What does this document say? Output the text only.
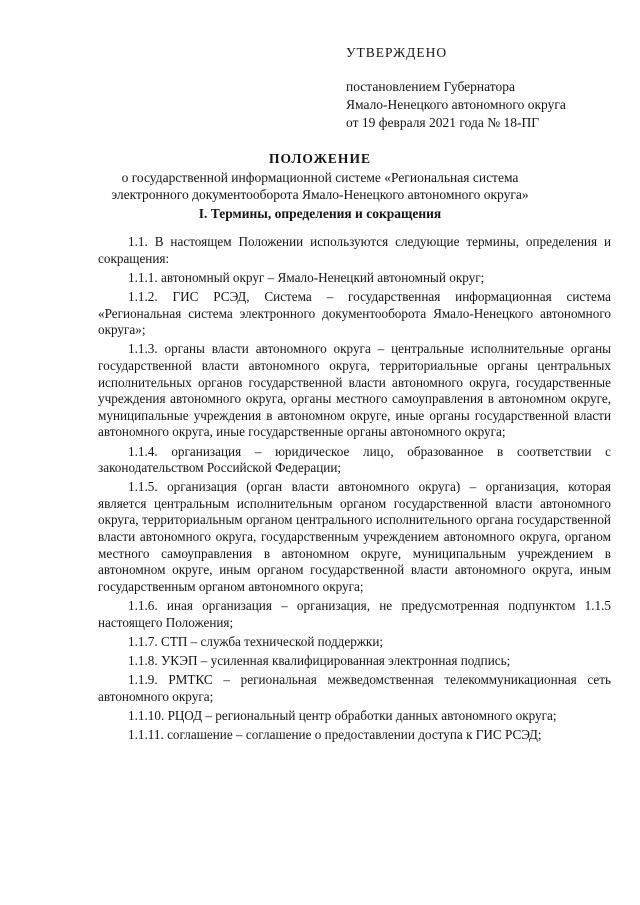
УТВЕРЖДЕНО
постановлением Губернатора
Ямало-Ненецкого автономного округа
от 19 февраля 2021 года № 18-ПГ
ПОЛОЖЕНИЕ
о государственной информационной системе «Региональная система
электронного документооборота Ямало-Ненецкого автономного округа»
I. Термины, определения и сокращения

1.1. В настоящем Положении используются следующие термины, определения и сокращения:

1.1.1. автономный округ – Ямало-Ненецкий автономный округ;

1.1.2. ГИС РСЭД, Система – государственная информационная система «Региональная система электронного документооборота Ямало-Ненецкого автономного округа»;

1.1.3. органы власти автономного округа – центральные исполнительные органы государственной власти автономного округа, территориальные органы центральных исполнительных органов государственной власти автономного округа, государственные учреждения автономного округа, органы местного самоуправления в автономном округе, муниципальные учреждения в автономном округе, иные органы государственной власти автономного округа, иные государственные органы автономного округа;

1.1.4. организация – юридическое лицо, образованное в соответствии с законодательством Российской Федерации;

1.1.5. организация (орган власти автономного округа) – организация, которая является центральным исполнительным органом государственной власти автономного округа, территориальным органом центрального исполнительного органа государственной власти автономного округа, государственным учреждением автономного округа, органом местного самоуправления в автономном округе, муниципальным учреждением в автономном округе, иным органом государственной власти автономного округа, иным государственным органом автономного округа;

1.1.6. иная организация – организация, не предусмотренная подпунктом 1.1.5 настоящего Положения;

1.1.7. СТП – служба технической поддержки;

1.1.8. УКЭП – усиленная квалифицированная электронная подпись;

1.1.9. РМТКС – региональная межведомственная телекоммуникационная сеть автономного округа;

1.1.10. РЦОД – региональный центр обработки данных автономного округа;

1.1.11. соглашение – соглашение о предоставлении доступа к ГИС РСЭД;
